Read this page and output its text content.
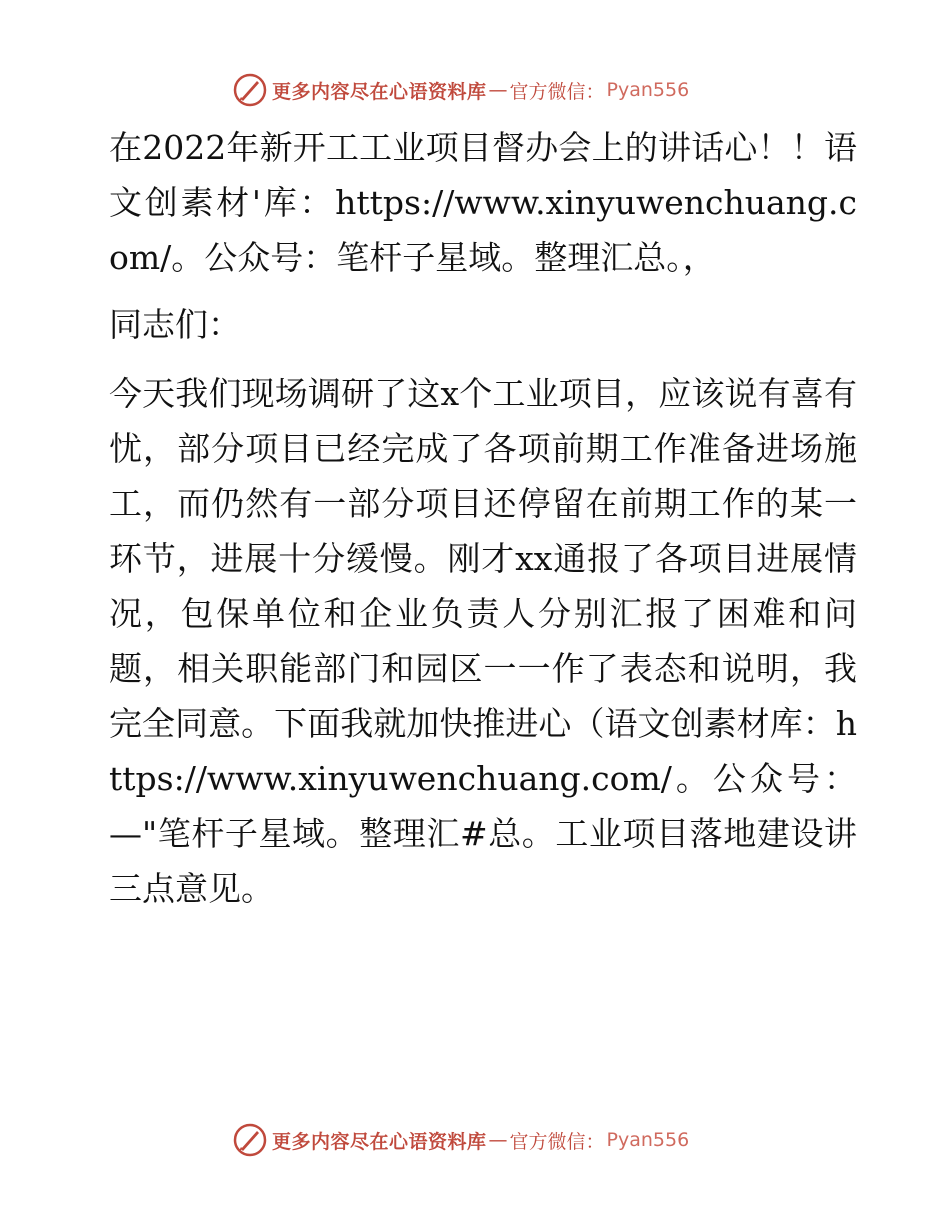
更多内容尽在心语资料库 — 官方微信： Pyan556

在2022年新开工工业项目督办会上的讲话心！！语文创素材'库：https://www.xinyuwenchuang.com/。公众号：笔杆子星域。整理汇总。，

同志们：

今天我们现场调研了这x个工业项目，应该说有喜有忧，部分项目已经完成了各项前期工作准备进场施工，而仍然有一部分项目还停留在前期工作的某一环节，进展十分缓慢。刚才xx通报了各项目进展情况，包保单位和企业负责人分别汇报了困难和问题，相关职能部门和园区一一作了表态和说明，我完全同意。下面我就加快推进心（语文创素材库：https://www.xinyuwenchuang.com/。公众号：—"笔杆子星域。整理汇#总。工业项目落地建设讲三点意见。

更多内容尽在心语资料库 — 官方微信： Pyan556
